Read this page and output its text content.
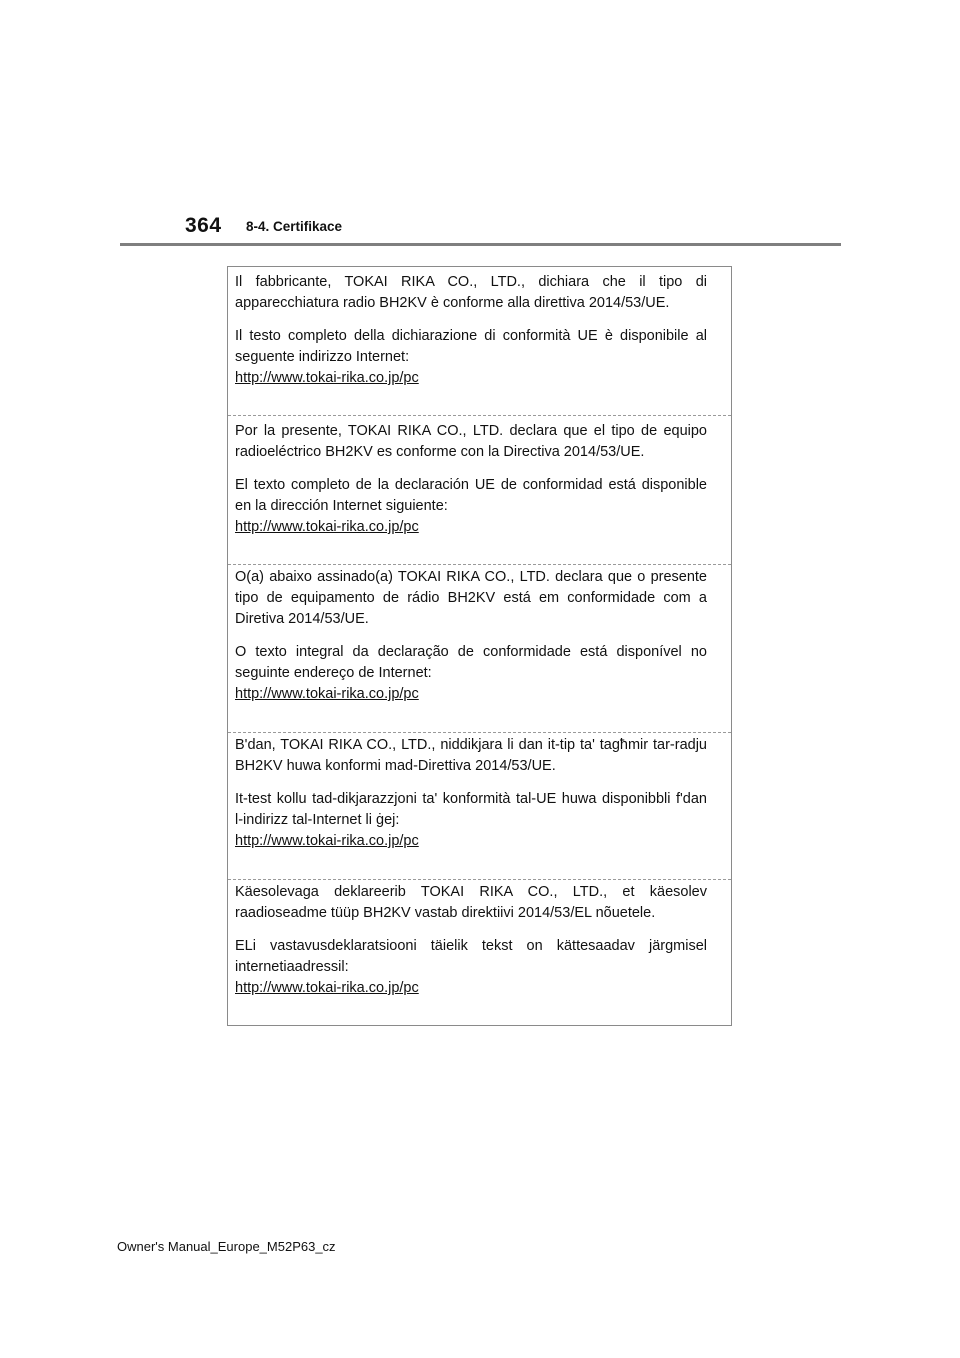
364 8-4. Certifikace

Il fabbricante, TOKAI RIKA CO., LTD., dichiara che il tipo di apparecchiatura radio BH2KV è conforme alla direttiva 2014/53/UE.

Il testo completo della dichiarazione di conformità UE è disponibile al seguente indirizzo Internet:

http://www.tokai-rika.co.jp/pc

Por la presente, TOKAI RIKA CO., LTD. declara que el tipo de equipo radioeléctrico BH2KV es conforme con la Directiva 2014/53/UE.

El texto completo de la declaración UE de conformidad está disponible en la dirección Internet siguiente:

http://www.tokai-rika.co.jp/pc

O(a) abaixo assinado(a) TOKAI RIKA CO., LTD. declara que o presente tipo de equipamento de rádio BH2KV está em conformidade com a Diretiva 2014/53/UE.

O texto integral da declaração de conformidade está disponível no seguinte endereço de Internet:

http://www.tokai-rika.co.jp/pc

B'dan, TOKAI RIKA CO., LTD., niddikjara li dan it-tip ta' tagħmir tar-radju BH2KV huwa konformi mad-Direttiva 2014/53/UE.

It-test kollu tad-dikjarazzjoni ta' konformità tal-UE huwa disponibbli f'dan l-indirizz tal-Internet li ġej:

http://www.tokai-rika.co.jp/pc

Käesolevaga deklareerib TOKAI RIKA CO., LTD., et käesolev raadioseadme tüüp BH2KV vastab direktiivi 2014/53/EL nõuetele.

ELi vastavusdeklaratsiooni täielik tekst on kättesaadav järgmisel internetiaadressil:

http://www.tokai-rika.co.jp/pc
Owner's Manual_Europe_M52P63_cz
